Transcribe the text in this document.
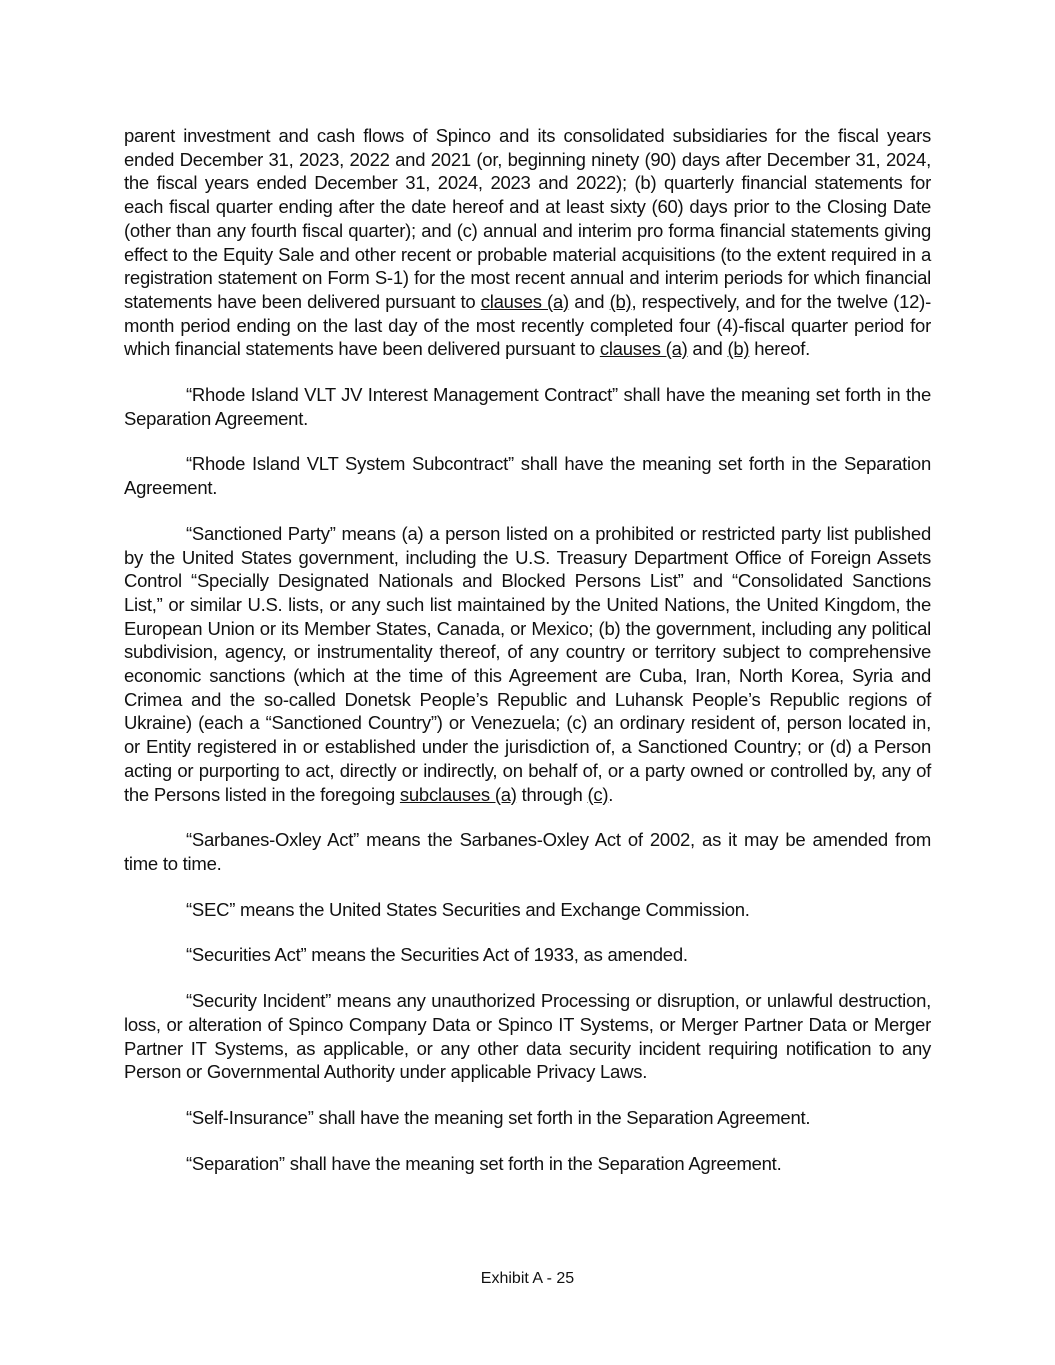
parent investment and cash flows of Spinco and its consolidated subsidiaries for the fiscal years ended December 31, 2023, 2022 and 2021 (or, beginning ninety (90) days after December 31, 2024, the fiscal years ended December 31, 2024, 2023 and 2022); (b) quarterly financial statements for each fiscal quarter ending after the date hereof and at least sixty (60) days prior to the Closing Date (other than any fourth fiscal quarter); and (c) annual and interim pro forma financial statements giving effect to the Equity Sale and other recent or probable material acquisitions (to the extent required in a registration statement on Form S-1) for the most recent annual and interim periods for which financial statements have been delivered pursuant to clauses (a) and (b), respectively, and for the twelve (12)-month period ending on the last day of the most recently completed four (4)-fiscal quarter period for which financial statements have been delivered pursuant to clauses (a) and (b) hereof.

“Rhode Island VLT JV Interest Management Contract” shall have the meaning set forth in the Separation Agreement.

“Rhode Island VLT System Subcontract” shall have the meaning set forth in the Separation Agreement.

“Sanctioned Party” means (a) a person listed on a prohibited or restricted party list published by the United States government, including the U.S. Treasury Department Office of Foreign Assets Control “Specially Designated Nationals and Blocked Persons List” and “Consolidated Sanctions List,” or similar U.S. lists, or any such list maintained by the United Nations, the United Kingdom, the European Union or its Member States, Canada, or Mexico; (b) the government, including any political subdivision, agency, or instrumentality thereof, of any country or territory subject to comprehensive economic sanctions (which at the time of this Agreement are Cuba, Iran, North Korea, Syria and Crimea and the so-called Donetsk People’s Republic and Luhansk People’s Republic regions of Ukraine) (each a “Sanctioned Country”) or Venezuela; (c) an ordinary resident of, person located in, or Entity registered in or established under the jurisdiction of, a Sanctioned Country; or (d) a Person acting or purporting to act, directly or indirectly, on behalf of, or a party owned or controlled by, any of the Persons listed in the foregoing subclauses (a) through (c).

“Sarbanes-Oxley Act” means the Sarbanes-Oxley Act of 2002, as it may be amended from time to time.

“SEC” means the United States Securities and Exchange Commission.

“Securities Act” means the Securities Act of 1933, as amended.

“Security Incident” means any unauthorized Processing or disruption, or unlawful destruction, loss, or alteration of Spinco Company Data or Spinco IT Systems, or Merger Partner Data or Merger Partner IT Systems, as applicable, or any other data security incident requiring notification to any Person or Governmental Authority under applicable Privacy Laws.

“Self-Insurance” shall have the meaning set forth in the Separation Agreement.

“Separation” shall have the meaning set forth in the Separation Agreement.

Exhibit A - 25
